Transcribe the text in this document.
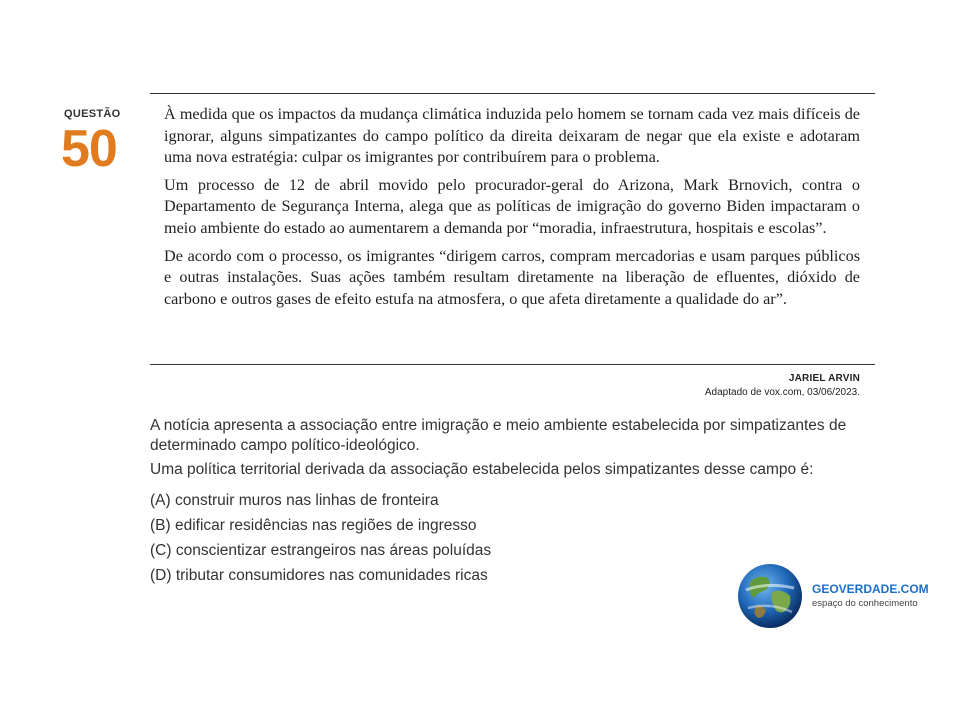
QUESTÃO
50

À medida que os impactos da mudança climática induzida pelo homem se tornam cada vez mais difíceis de ignorar, alguns simpatizantes do campo político da direita deixaram de negar que ela existe e adotaram uma nova estratégia: culpar os imigrantes por contribuírem para o problema.

Um processo de 12 de abril movido pelo procurador-geral do Arizona, Mark Brnovich, contra o Departamento de Segurança Interna, alega que as políticas de imigração do governo Biden impactaram o meio ambiente do estado ao aumentarem a demanda por “moradia, infraestrutura, hospitais e escolas”.

De acordo com o processo, os imigrantes “dirigem carros, compram mercadorias e usam parques públicos e outras instalações. Suas ações também resultam diretamente na liberação de efluentes, dióxido de carbono e outros gases de efeito estufa na atmosfera, o que afeta diretamente a qualidade do ar”.

JARIEL ARVIN
Adaptado de vox.com, 03/06/2023.

A notícia apresenta a associação entre imigração e meio ambiente estabelecida por simpatizantes de determinado campo político-ideológico.

Uma política territorial derivada da associação estabelecida pelos simpatizantes desse campo é:

(A) construir muros nas linhas de fronteira
(B) edificar residências nas regiões de ingresso
(C) conscientizar estrangeiros nas áreas poluídas
(D) tributar consumidores nas comunidades ricas
GEOVERDADE.COM
espaço do conhecimento
